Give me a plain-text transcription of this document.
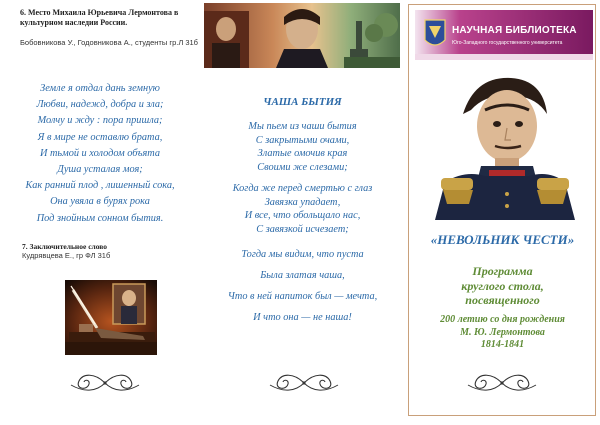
6. Место Михаила Юрьевича Лермонтова в культурном наследии России.
Бобовникова У., Годовникова А., студенты гр.Л 31б
Земле я отдал дань земную
Любви, надежд, добра и зла;
Молчу и жду : пора пришла;
Я в мире не оставлю брата,
И тьмой и холодом объята
Душа усталая моя;
Как ранний плод , лишенный сока,
Она увяла в бурях рока
Под знойным сонном бытия.
7. Заключительное слово
Кудрявцева Е., гр ФЛ 31б
ЧАША БЫТИЯ
Мы пьем из чаши бытия
С закрытыми очами,
Златые омочив края
Своими же слезами;
Когда же перед смертью с глаз
Завязка упадает,
И все, что обольщало нас,
С завязкой исчезает;
Тогда мы видим, что пуста
Была златая чаша,
Что в ней напиток был — мечта,
И что она — не наша!
НАУЧНАЯ БИБЛИОТЕКА
Юго-Западного государственного университета
«НЕВОЛЬНИК ЧЕСТИ»
Программа
круглого стола,
посвященного
200 летию со дня рождения
М. Ю. Лермонтова
1814-1841
